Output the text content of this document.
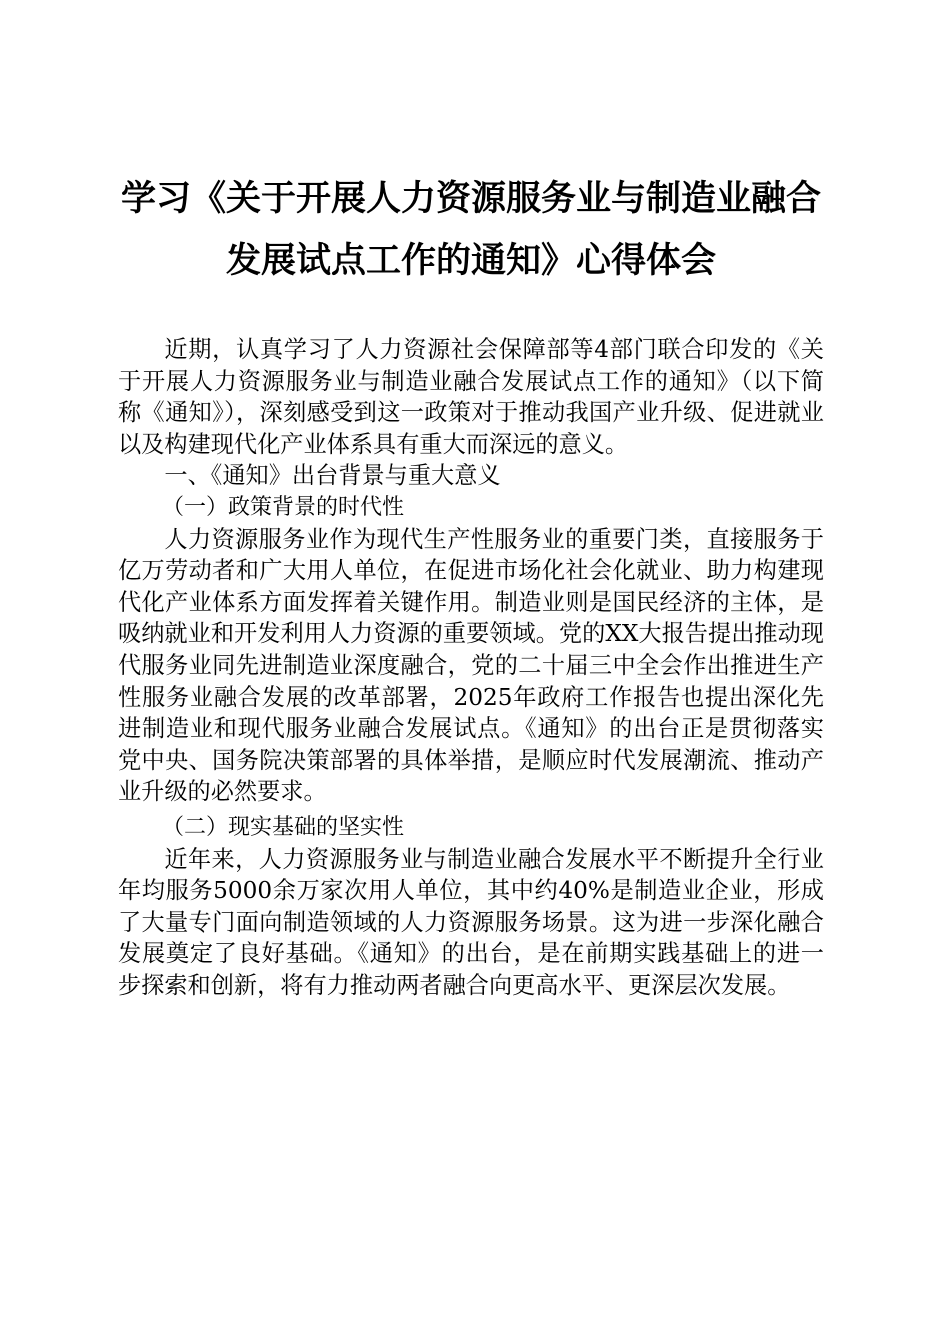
学习《关于开展人力资源服务业与制造业融合
发展试点工作的通知》心得体会

近期，认真学习了人力资源社会保障部等4部门联合印发的《关于开展人力资源服务业与制造业融合发展试点工作的通知》（以下简称《通知》），深刻感受到这一政策对于推动我国产业升级、促进就业以及构建现代化产业体系具有重大而深远的意义。

一、《通知》出台背景与重大意义

（一）政策背景的时代性

人力资源服务业作为现代生产性服务业的重要门类，直接服务于亿万劳动者和广大用人单位，在促进市场化社会化就业、助力构建现代化产业体系方面发挥着关键作用。制造业则是国民经济的主体，是吸纳就业和开发利用人力资源的重要领域。党的XX大报告提出推动现代服务业同先进制造业深度融合，党的二十届三中全会作出推进生产性服务业融合发展的改革部署，2025年政府工作报告也提出深化先进制造业和现代服务业融合发展试点。《通知》的出台正是贯彻落实党中央、国务院决策部署的具体举措，是顺应时代发展潮流、推动产业升级的必然要求。

（二）现实基础的坚实性

近年来，人力资源服务业与制造业融合发展水平不断提升全行业年均服务5000余万家次用人单位，其中约40%是制造业企业，形成了大量专门面向制造领域的人力资源服务场景。这为进一步深化融合发展奠定了良好基础。《通知》的出台，是在前期实践基础上的进一步探索和创新，将有力推动两者融合向更高水平、更深层次发展。
